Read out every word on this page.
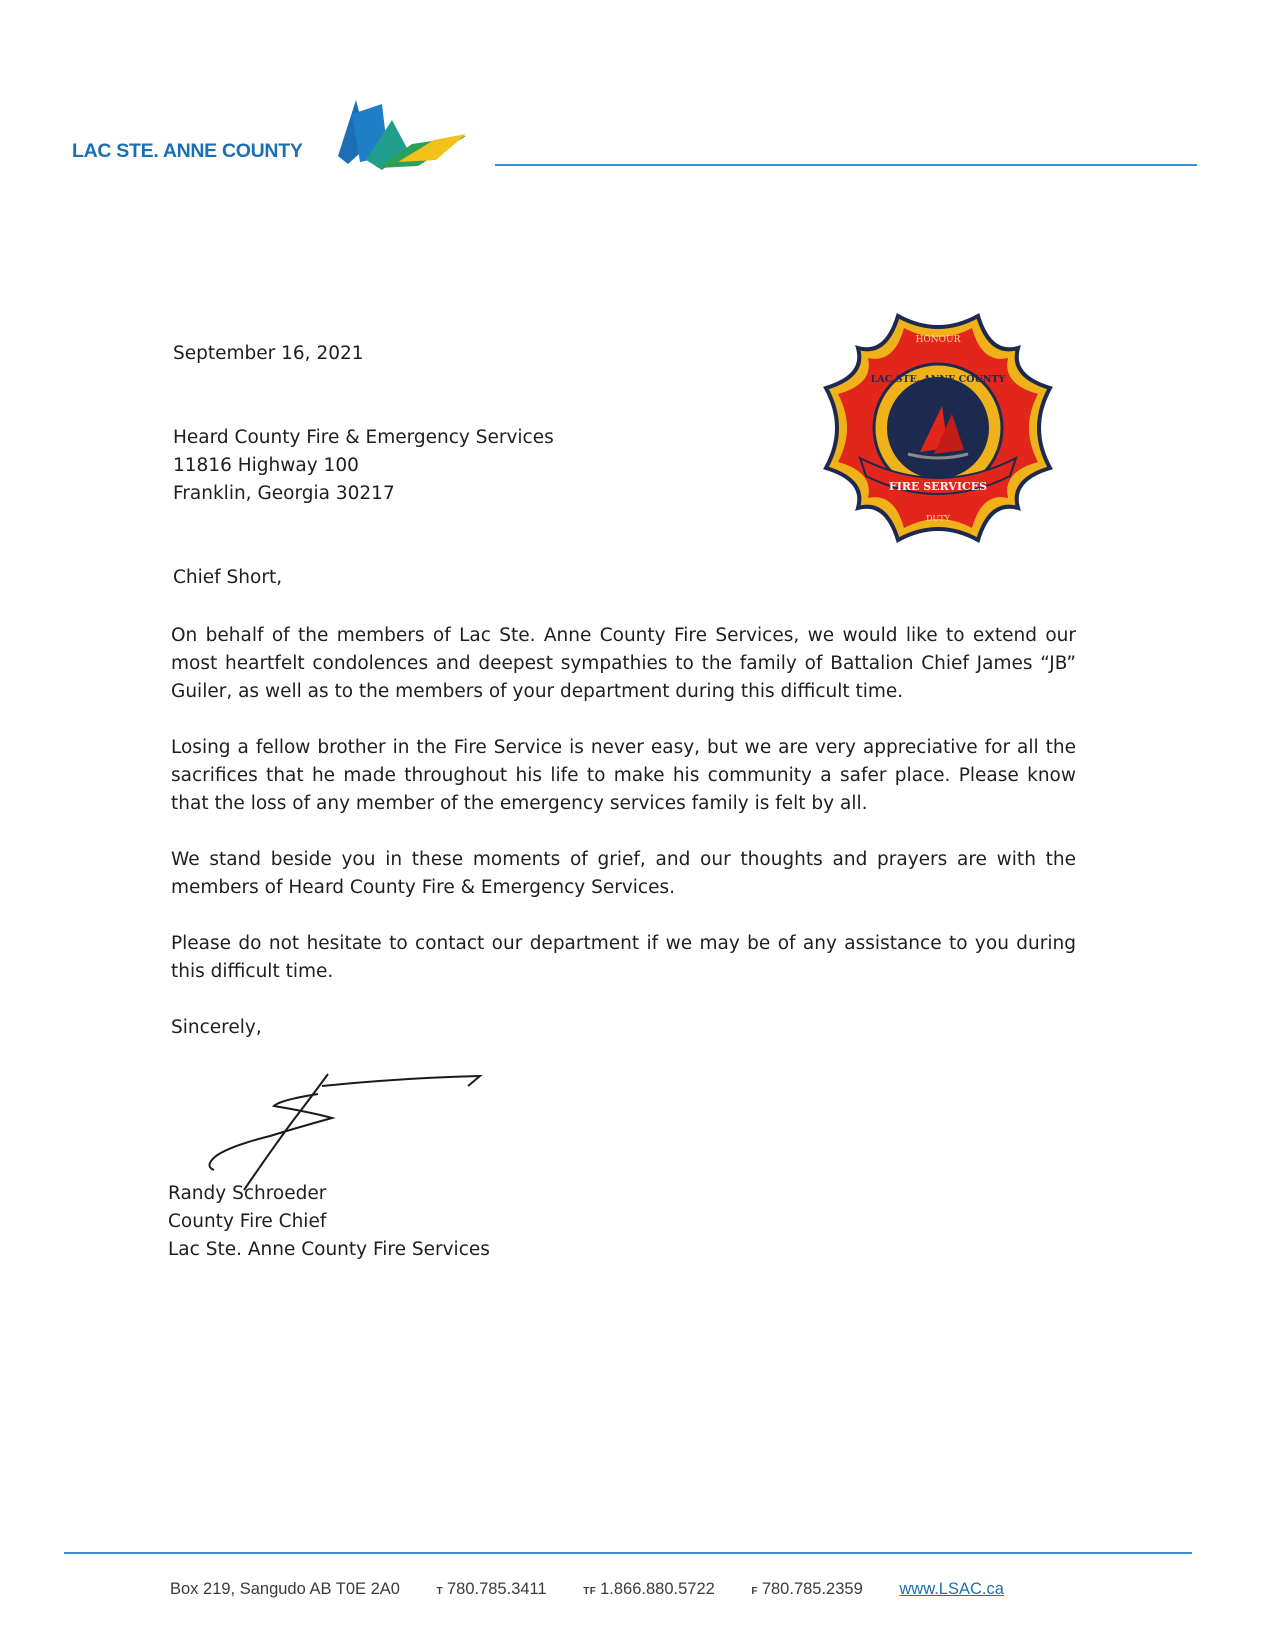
LAC STE. ANNE COUNTY
HONOUR
LAC STE. ANNE COUNTY
FIRE SERVICES
DUTY
September 16, 2021
Heard County Fire & Emergency Services
11816 Highway 100
Franklin, Georgia 30217
Chief Short,
On behalf of the members of Lac Ste. Anne County Fire Services, we would like to extend our most heartfelt condolences and deepest sympathies to the family of Battalion Chief James “JB” Guiler, as well as to the members of your department during this difficult time.
Losing a fellow brother in the Fire Service is never easy, but we are very appreciative for all the sacrifices that he made throughout his life to make his community a safer place. Please know that the loss of any member of the emergency services family is felt by all.
We stand beside you in these moments of grief, and our thoughts and prayers are with the members of Heard County Fire & Emergency Services.
Please do not hesitate to contact our department if we may be of any assistance to you during this difficult time.
Sincerely,
Randy Schroeder
County Fire Chief
Lac Ste. Anne County Fire Services
Box 219, Sangudo AB T0E 2A0	T 780.785.3411	TF 1.866.880.5722	F 780.785.2359 www.LSAC.ca
